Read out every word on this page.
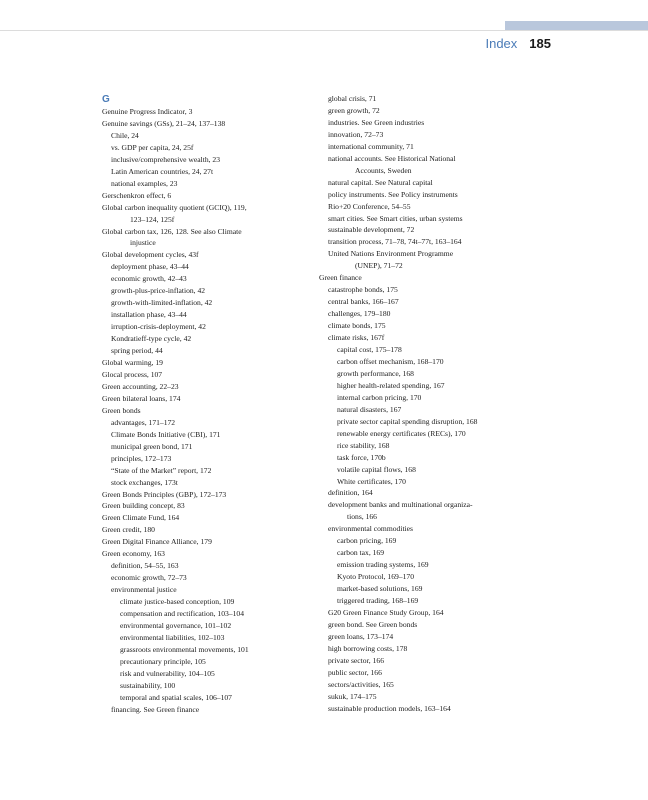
Index 185
G
Genuine Progress Indicator, 3
Genuine savings (GSs), 21–24, 137–138
Chile, 24
vs. GDP per capita, 24, 25f
inclusive/comprehensive wealth, 23
Latin American countries, 24, 27t
national examples, 23
Gerschenkron effect, 6
Global carbon inequality quotient (GCIQ), 119,
123–124, 125f
Global carbon tax, 126, 128. See also Climate
injustice
Global development cycles, 43f
deployment phase, 43–44
economic growth, 42–43
growth-plus-price-inflation, 42
growth-with-limited-inflation, 42
installation phase, 43–44
irruption-crisis-deployment, 42
Kondratieff-type cycle, 42
spring period, 44
Global warming, 19
Glocal process, 107
Green accounting, 22–23
Green bilateral loans, 174
Green bonds
advantages, 171–172
Climate Bonds Initiative (CBI), 171
municipal green bond, 171
principles, 172–173
“State of the Market” report, 172
stock exchanges, 173t
Green Bonds Principles (GBP), 172–173
Green building concept, 83
Green Climate Fund, 164
Green credit, 180
Green Digital Finance Alliance, 179
Green economy, 163
definition, 54–55, 163
economic growth, 72–73
environmental justice
climate justice-based conception, 109
compensation and rectification, 103–104
environmental governance, 101–102
environmental liabilities, 102–103
grassroots environmental movements, 101
precautionary principle, 105
risk and vulnerability, 104–105
sustainability, 100
temporal and spatial scales, 106–107
financing. See Green finance
global crisis, 71
green growth, 72
industries. See Green industries
innovation, 72–73
international community, 71
national accounts. See Historical National
Accounts, Sweden
natural capital. See Natural capital
policy instruments. See Policy instruments
Rio+20 Conference, 54–55
smart cities. See Smart cities, urban systems
sustainable development, 72
transition process, 71–78, 74t–77t, 163–164
United Nations Environment Programme
(UNEP), 71–72
Green finance
catastrophe bonds, 175
central banks, 166–167
challenges, 179–180
climate bonds, 175
climate risks, 167f
capital cost, 175–178
carbon offset mechanism, 168–170
growth performance, 168
higher health-related spending, 167
internal carbon pricing, 170
natural disasters, 167
private sector capital spending disruption, 168
renewable energy certificates (RECs), 170
rice stability, 168
task force, 170b
volatile capital flows, 168
White certificates, 170
definition, 164
development banks and multinational organiza-
tions, 166
environmental commodities
carbon pricing, 169
carbon tax, 169
emission trading systems, 169
Kyoto Protocol, 169–170
market-based solutions, 169
triggered trading, 168–169
G20 Green Finance Study Group, 164
green bond. See Green bonds
green loans, 173–174
high borrowing costs, 178
private sector, 166
public sector, 166
sectors/activities, 165
sukuk, 174–175
sustainable production models, 163–164
